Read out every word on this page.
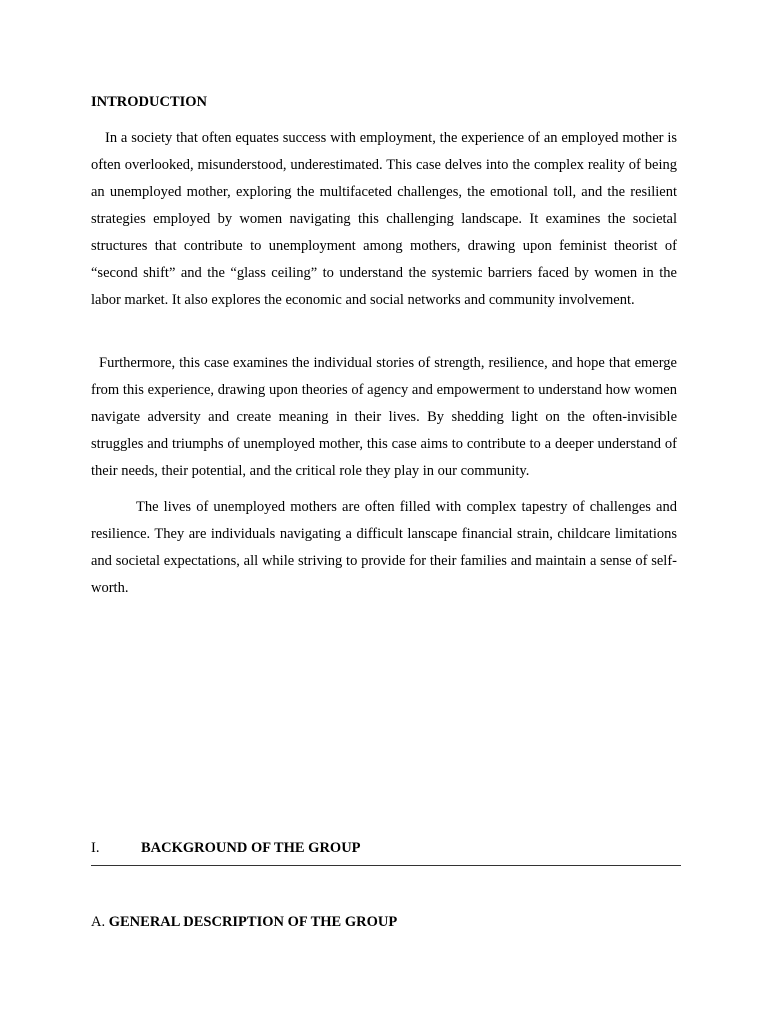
INTRODUCTION

In a society that often equates success with employment, the experience of an employed mother is often overlooked, misunderstood, underestimated. This case delves into the complex reality of being an unemployed mother, exploring the multifaceted challenges, the emotional toll, and the resilient strategies employed by women navigating this challenging landscape. It examines the societal structures that contribute to unemployment among mothers, drawing upon feminist theorist of “second shift” and the “glass ceiling” to understand the systemic barriers faced by women in the labor market. It also explores the economic and social networks and community involvement.

Furthermore, this case examines the individual stories of strength, resilience, and hope that emerge from this experience, drawing upon theories of agency and empowerment to understand how women navigate adversity and create meaning in their lives. By shedding light on the often-invisible struggles and triumphs of unemployed mother, this case aims to contribute to a deeper understand of their needs, their potential, and the critical role they play in our community.

The lives of unemployed mothers are often filled with complex tapestry of challenges and resilience. They are individuals navigating a difficult lanscape financial strain, childcare limitations and societal expectations, all while striving to provide for their families and maintain a sense of self-worth.

I.	BACKGROUND OF THE GROUP
A. GENERAL DESCRIPTION OF THE GROUP
